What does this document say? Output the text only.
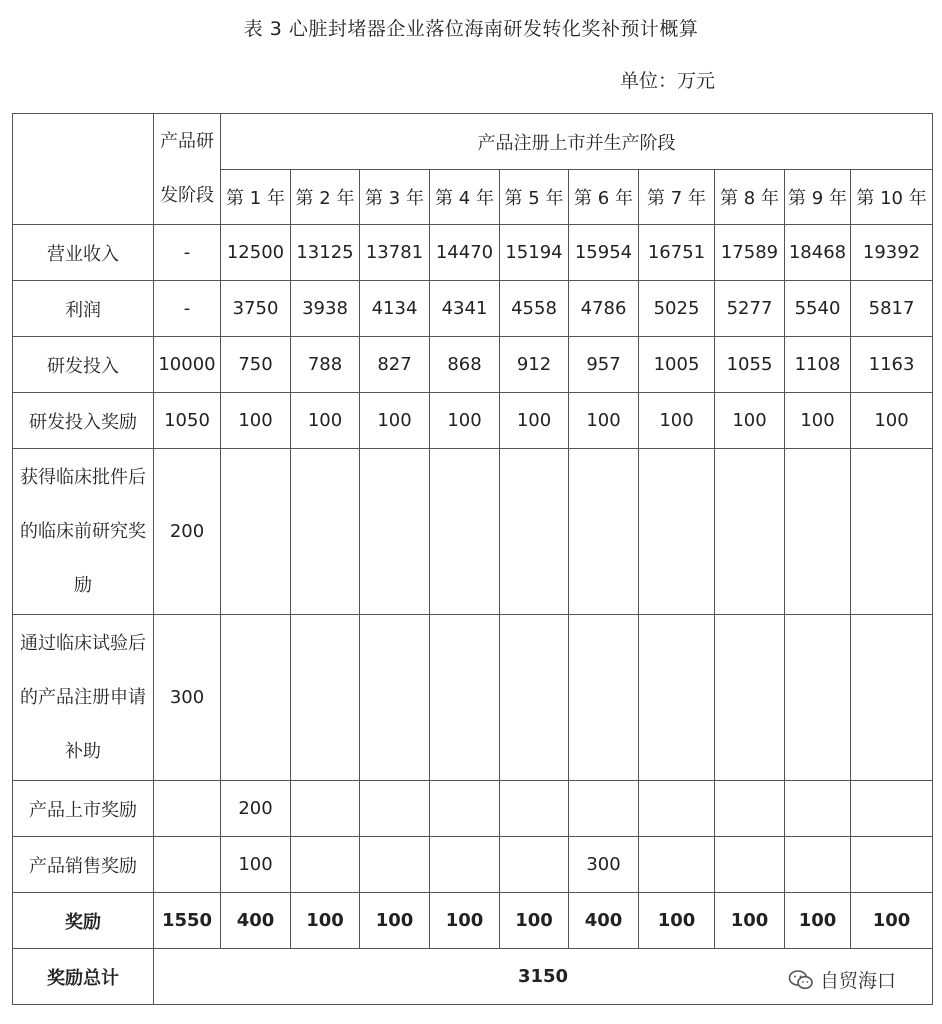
表 3 心脏封堵器企业落位海南研发转化奖补预计概算
单位：万元
	产品研发阶段	产品注册上市并生产阶段									
		第 1 年	第 2 年	第 3 年	第 4 年	第 5 年	第 6 年	第 7 年	第 8 年	第 9 年	第 10 年
营业收入	-	12500	13125	13781	14470	15194	15954	16751	17589	18468	19392
利润	-	3750	3938	4134	4341	4558	4786	5025	5277	5540	5817
研发投入	10000	750	788	827	868	912	957	1005	1055	1108	1163
研发投入奖励	1050	100	100	100	100	100	100	100	100	100	100
获得临床批件后的临床前研究奖励	200										
通过临床试验后的产品注册申请补助	300										
产品上市奖励		200									
产品销售奖励		100					300				
奖励	1550	400	100	100	100	100	400	100	100	100	100
奖励总计	3150											自贸海口
